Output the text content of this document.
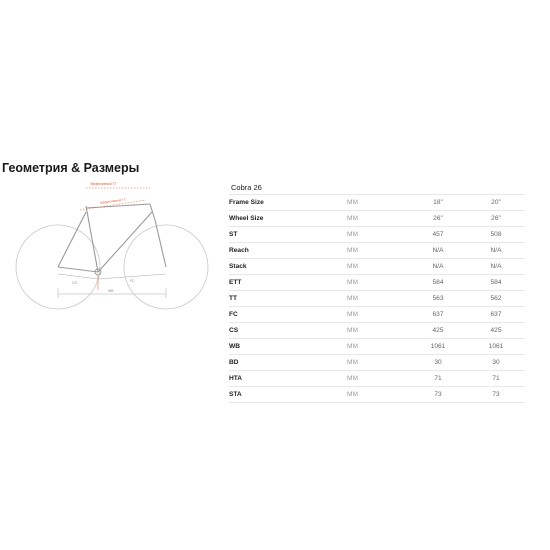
Геометрия & Размеры
Эффективный ТТ
Эффективный ТТ
CS	FC
WB
Cobra 26
Frame Size	ММ	18"	20"
Wheel Size	ММ	26"	26"
ST	ММ	457	508
Reach	ММ	N/A	N/A
Stack	ММ	N/A	N/A
ETT	ММ	584	584
TT	ММ	563	562
FC	ММ	637	637
CS	ММ	425	425
WB	ММ	1061	1061
BD	ММ	30	30
HTA	ММ	71	71
STA	ММ	73	73
